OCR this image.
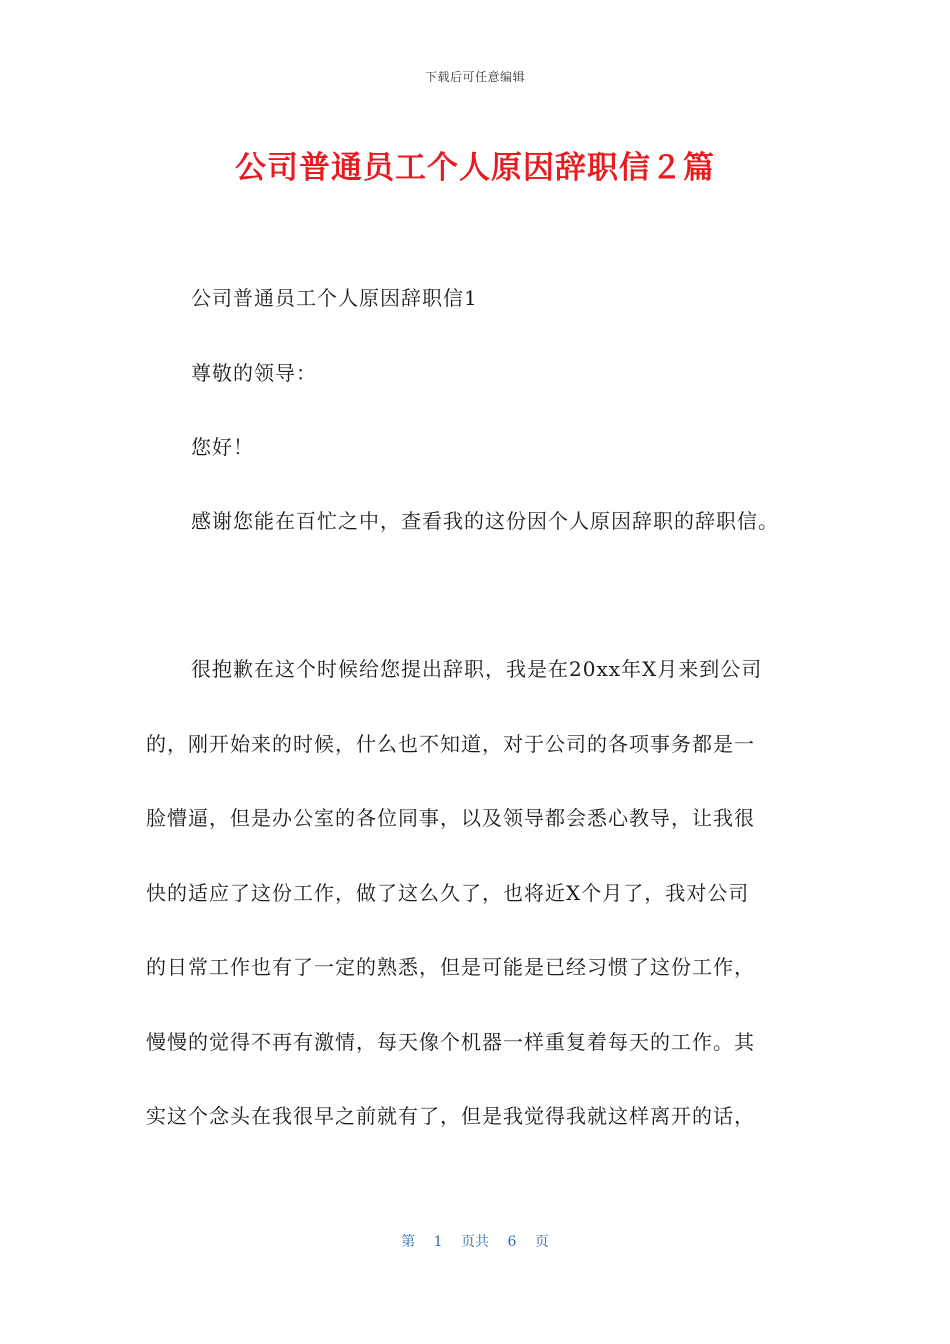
下载后可任意编辑
公司普通员工个人原因辞职信２篇
公司普通员工个人原因辞职信1
尊敬的领导：
您好！
感谢您能在百忙之中，查看我的这份因个人原因辞职的辞职信。
很抱歉在这个时候给您提出辞职，我是在20xx年X月来到公司
的，刚开始来的时候，什么也不知道，对于公司的各项事务都是一
脸懵逼，但是办公室的各位同事，以及领导都会悉心教导，让我很
快的适应了这份工作，做了这么久了，也将近X个月了，我对公司
的日常工作也有了一定的熟悉，但是可能是已经习惯了这份工作，
慢慢的觉得不再有激情，每天像个机器一样重复着每天的工作。其
实这个念头在我很早之前就有了，但是我觉得我就这样离开的话，
第 1 页共 6 页
